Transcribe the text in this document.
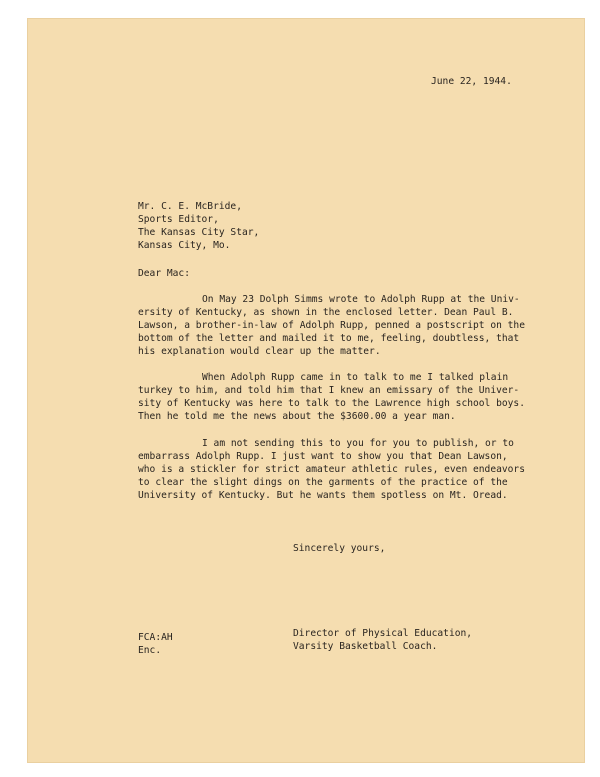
June 22, 1944.
Mr. C. E. McBride,
Sports Editor,
The Kansas City Star,
Kansas City, Mo.
Dear Mac:
On May 23 Dolph Simms wrote to Adolph Rupp at the Univ-
ersity of Kentucky, as shown in the enclosed letter. Dean Paul B.
Lawson, a brother-in-law of Adolph Rupp, penned a postscript on the
bottom of the letter and mailed it to me, feeling, doubtless, that
his explanation would clear up the matter.
When Adolph Rupp came in to talk to me I talked plain
turkey to him, and told him that I knew an emissary of the Univer-
sity of Kentucky was here to talk to the Lawrence high school boys.
Then he told me the news about the $3600.00 a year man.
I am not sending this to you for you to publish, or to
embarrass Adolph Rupp. I just want to show you that Dean Lawson,
who is a stickler for strict amateur athletic rules, even endeavors
to clear the slight dings on the garments of the practice of the
University of Kentucky. But he wants them spotless on Mt. Oread.
Sincerely yours,
Director of Physical Education,
Varsity Basketball Coach.
FCA:AH
Enc.
